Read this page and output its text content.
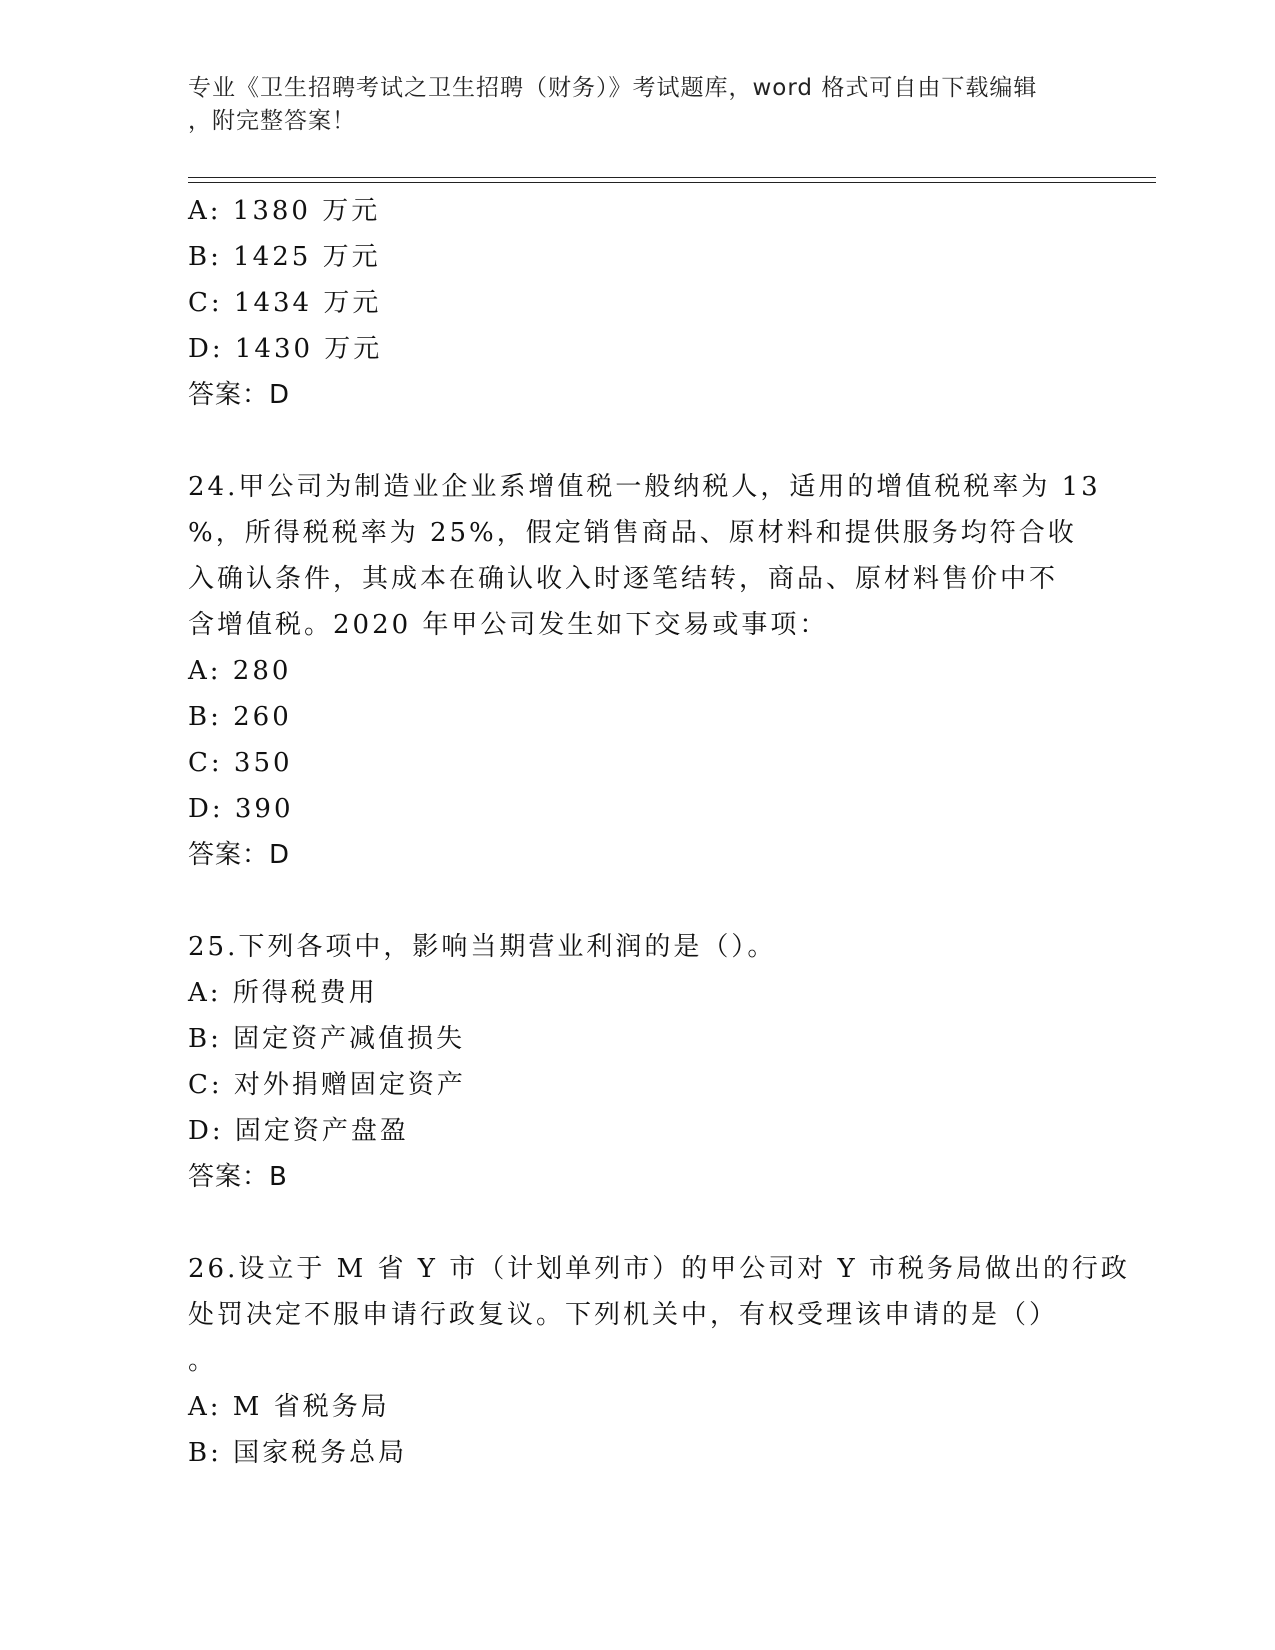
专业《卫生招聘考试之卫生招聘（财务）》考试题库，word 格式可自由下载编辑
，附完整答案！
A: 1380 万元
B: 1425 万元
C: 1434 万元
D: 1430 万元
答案：D
24.甲公司为制造业企业系增值税一般纳税人，适用的增值税税率为 13
%，所得税税率为 25%，假定销售商品、原材料和提供服务均符合收
入确认条件，其成本在确认收入时逐笔结转，商品、原材料售价中不
含增值税。2020 年甲公司发生如下交易或事项：
A: 280
B: 260
C: 350
D: 390
答案：D
25.下列各项中，影响当期营业利润的是（）。
A: 所得税费用
B: 固定资产减值损失
C: 对外捐赠固定资产
D: 固定资产盘盈
答案：B
26.设立于 M 省 Y 市（计划单列市）的甲公司对 Y 市税务局做出的行政
处罚决定不服申请行政复议。下列机关中，有权受理该申请的是（）
。
A: M 省税务局
B: 国家税务总局
